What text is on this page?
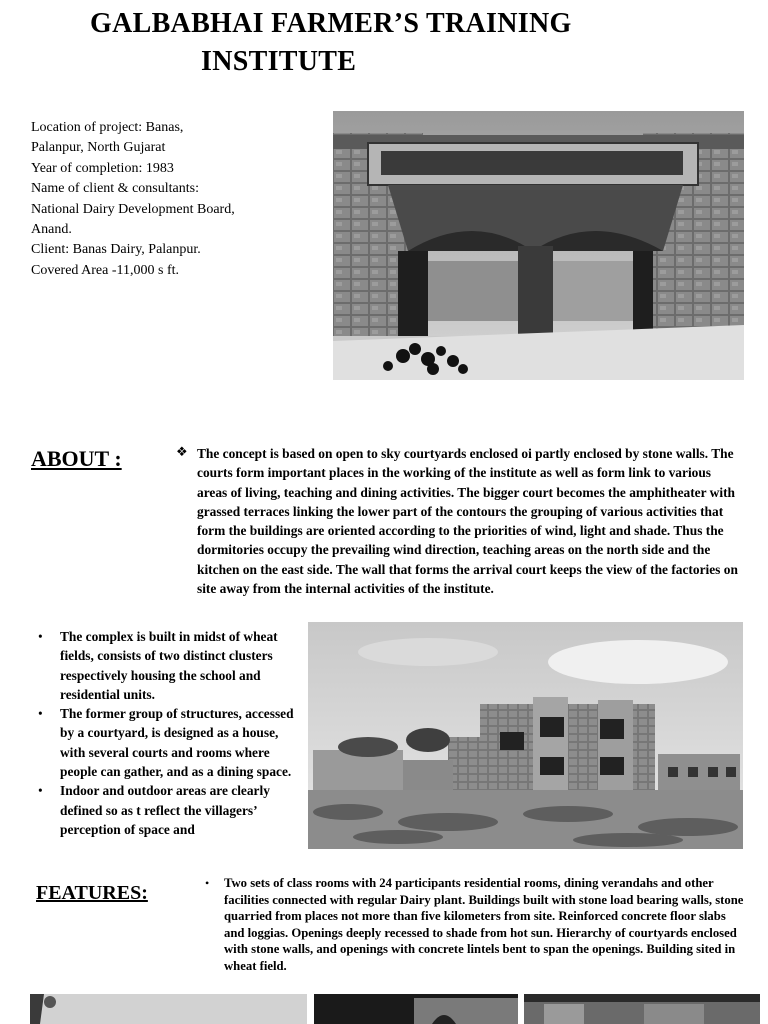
GALBABHAI FARMER’S TRAINING
INSTITUTE
Location of project: Banas,
Palanpur, North Gujarat
Year of completion: 1983
Name of client & consultants:
National Dairy Development Board,
Anand.
Client: Banas Dairy, Palanpur.
Covered Area -11,000 s ft.
ABOUT :	❖ The concept is based on open to sky courtyards enclosed oi partly enclosed by stone walls. The courts form important places in the working of the institute as well as form link to various areas of living, teaching and dining activities. The bigger court becomes the amphitheater with grassed terraces linking the lower part of the contours the grouping of various activities that form the buildings are oriented according to the priorities of wind, light and shade. Thus the dormitories occupy the prevailing wind direction, teaching areas on the north side and the kitchen on the east side. The wall that forms the arrival court keeps the view of the factories on site away from the internal activities of the institute.
• The complex is built in midst of wheat fields, consists of two distinct clusters respectively housing the school and residential units.
• The former group of structures, accessed by a courtyard, is designed as a house, with several courts and rooms where people can gather, and as a dining space.
• Indoor and outdoor areas are clearly defined so as t reflect the villagers’ perception of space and
FEATURES:	• Two sets of class rooms with 24 participants residential rooms, dining verandahs and other facilities connected with regular Dairy plant. Buildings built with stone load bearing walls, stone quarried from places not more than five kilometers from site. Reinforced concrete floor slabs and loggias. Openings deeply recessed to shade from hot sun. Hierarchy of courtyards enclosed with stone walls, and openings with concrete lintels bent to span the openings. Building sited in wheat field.
